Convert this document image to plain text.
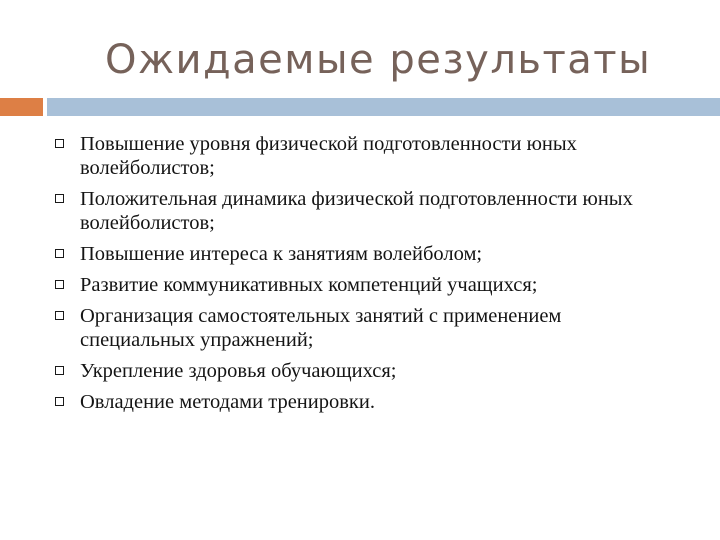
Ожидаемые результаты
Повышение уровня физической подготовленности юных волейболистов;
Положительная динамика физической подготовленности юных волейболистов;
Повышение интереса к занятиям волейболом;
Развитие коммуникативных компетенций учащихся;
Организация самостоятельных занятий с применением специальных упражнений;
Укрепление здоровья обучающихся;
Овладение методами тренировки.
